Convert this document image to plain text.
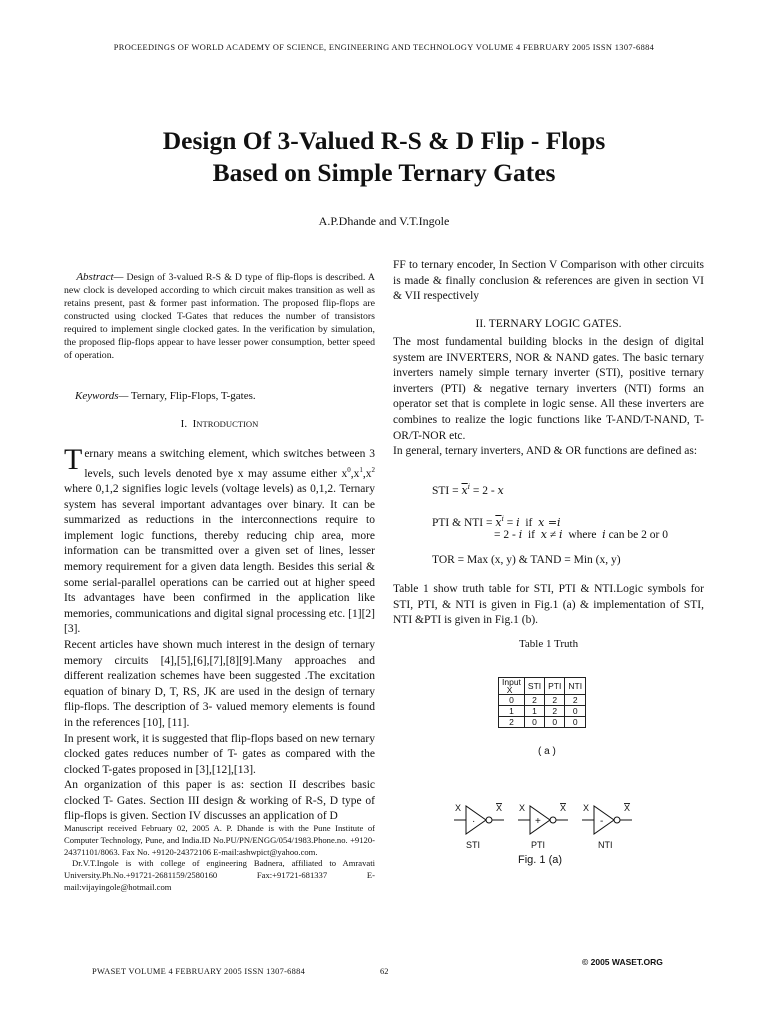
PROCEEDINGS OF WORLD ACADEMY OF SCIENCE, ENGINEERING AND TECHNOLOGY VOLUME 4 FEBRUARY 2005 ISSN 1307-6884
Design Of 3-Valued R-S & D Flip - Flops
Based on Simple Ternary Gates
A.P.Dhande and V.T.Ingole
Abstract— Design of 3-valued R-S & D type of flip-flops is described. A new clock is developed according to which circuit makes transition as well as retains present, past & former past information. The proposed flip-flops are constructed using clocked T-Gates that reduces the number of transistors required to implement single clocked gates. In the verification by simulation, the proposed flip-flops appear to have lesser power consumption, better speed of operation.
Keywords— Ternary, Flip-Flops, T-gates.
I. INTRODUCTION
Ternary means a switching element, which switches between 3 levels, such levels denoted bye x may assume either $x^0,x^1,x^2$ where 0,1,2 signifies logic levels (voltage levels) as 0,1,2. Ternary system has several important advantages over binary. It can be summarized as reductions in the interconnections require to implement logic functions, thereby reducing chip area, more information can be transmitted over a given set of lines, lesser memory requirement for a given data length. Besides this serial & some serial-parallel operations can be carried out at higher speed Its advantages have been confirmed in the application like memories, communications and digital signal processing etc. [1][2][3].
Recent articles have shown much interest in the design of ternary memory circuits [4],[5],[6],[7],[8][9].Many approaches and different realization schemes have been suggested .The excitation equation of binary D, T, RS, JK are used in the design of ternary flip-flops. The description of 3- valued memory elements is found in the references [10], [11].
In present work, it is suggested that flip-flops based on new ternary clocked gates reduces number of T- gates as compared with the clocked T-gates proposed in [3],[12],[13].
An organization of this paper is as: section II describes basic clocked T- Gates. Section III design & working of R-S, D type of flip-flops is given. Section IV discusses an application of D

Manuscript received February 02, 2005 A. P. Dhande is with the Pune Institute of Computer Technology, Pune, and India.ID No.PU/PN/ENGG/054/1983.Phone.no. +9120-24371101/8063. Fax No. +9120-24372106 E-mail:ashwpict@yahoo.com.

Dr.V.T.Ingole is with college of engineering Badnera, affiliated to Amravati University.Ph.No.+91721-2681159/2580160 Fax:+91721-681337 E-mail:vijayingole@hotmail.com

FF to ternary encoder, In Section V Comparison with other circuits is made & finally conclusion & references are given in section VI & VII respectively
II. TERNARY LOGIC GATES.
The most fundamental building blocks in the design of digital system are INVERTERS, NOR & NAND gates. The basic ternary inverters namely simple ternary inverter (STI), positive ternary inverters (PTI) & negative ternary inverters (NTI) forms an operator set that is complete in logic sense. All these inverters are combines to realize the logic functions like T-AND/T-NAND, T-OR/T-NOR etc.
In general, ternary inverters, AND & OR functions are defined as:
STI = $\overline{x}^i = 2 - x$
PTI & NTI = $\overline{x}^i = i$  if  x =i
= 2 - i  if  x ≠ i  where  i can be 2 or 0
TOR = Max (x, y) & TAND = Min (x, y)
Table 1 show truth table for STI, PTI & NTI.Logic symbols for STI, PTI, & NTI is given in Fig.1 (a) & implementation of STI, NTI &PTI is given in Fig.1 (b).
Table 1 Truth
Input
X	STI	PTI	NTI
0	2	2	2
1	1	2	0
2	0	0	0
( a )
X	X
·
STI
X	X
+
PTI
X	X
-
NTI
Fig. 1 (a)
© 2005 WASET.ORG
PWASET VOLUME 4 FEBRUARY 2005 ISSN 1307-6884	62
